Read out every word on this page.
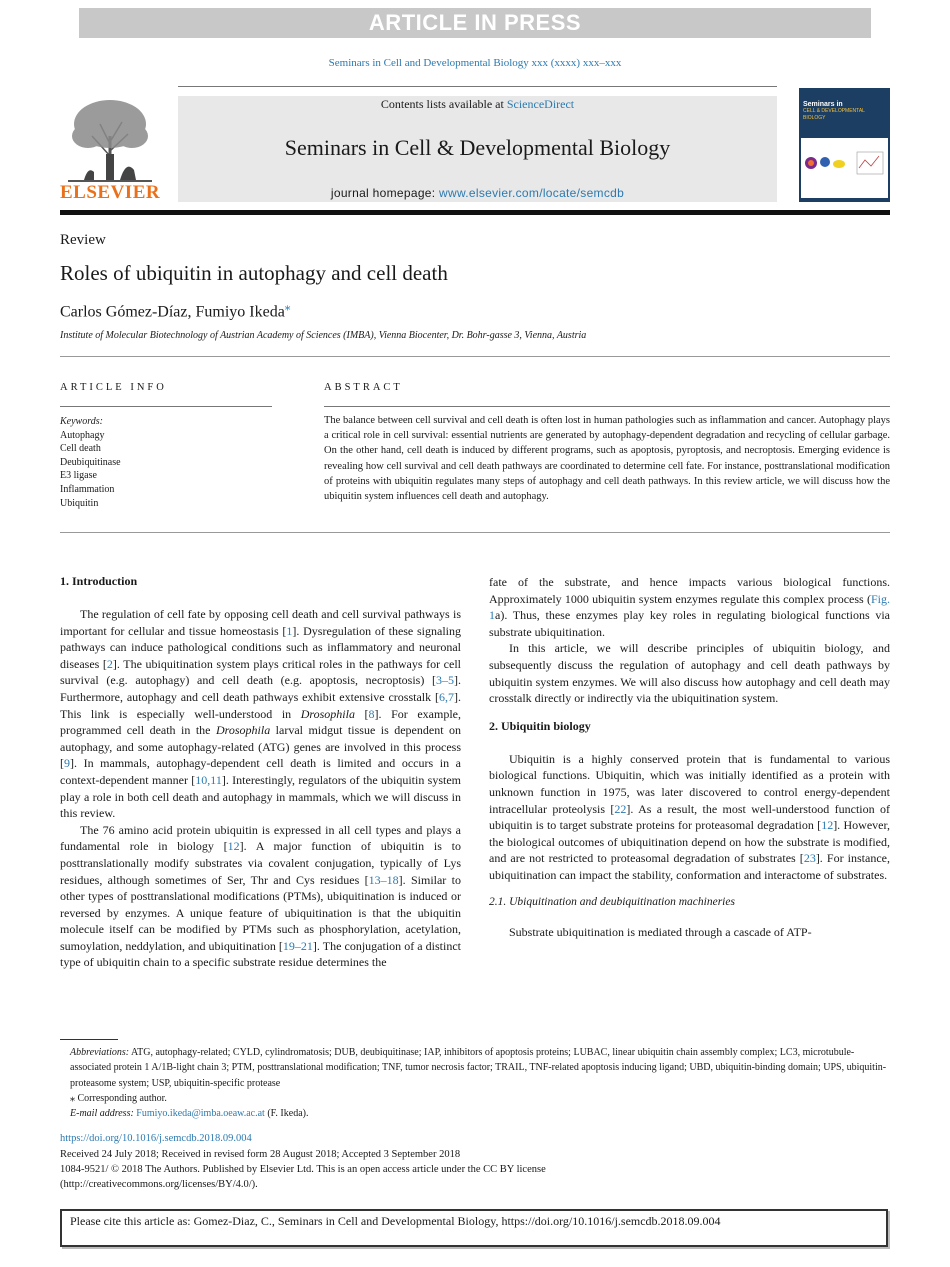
ARTICLE IN PRESS
Seminars in Cell and Developmental Biology xxx (xxxx) xxx–xxx
ELSEVIER
Contents lists available at ScienceDirect
Seminars in Cell & Developmental Biology
journal homepage: www.elsevier.com/locate/semcdb
Seminars in
CELL & DEVELOPMENTAL BIOLOGY
Review
Roles of ubiquitin in autophagy and cell death
Carlos Gómez-Díaz, Fumiyo Ikeda⁎
Institute of Molecular Biotechnology of Austrian Academy of Sciences (IMBA), Vienna Biocenter, Dr. Bohr-gasse 3, Vienna, Austria
ARTICLE INFO
Keywords:
Autophagy
Cell death
Deubiquitinase
E3 ligase
Inflammation
Ubiquitin
ABSTRACT
The balance between cell survival and cell death is often lost in human pathologies such as inflammation and cancer. Autophagy plays a critical role in cell survival: essential nutrients are generated by autophagy-dependent degradation and recycling of cellular garbage. On the other hand, cell death is induced by different programs, such as apoptosis, pyroptosis, and necroptosis. Emerging evidence is revealing how cell survival and cell death pathways are coordinated to determine cell fate. For instance, posttranslational modification of proteins with ubiquitin regulates many steps of autophagy and cell death pathways. In this review article, we will discuss how the ubiquitin system influences cell death and autophagy.
1. Introduction

The regulation of cell fate by opposing cell death and cell survival pathways is important for cellular and tissue homeostasis [1]. Dysregulation of these signaling pathways can induce pathological conditions such as inflammatory and neuronal diseases [2]. The ubiquitination system plays critical roles in the pathways for cell survival (e.g. autophagy) and cell death (e.g. apoptosis, necroptosis) [3–5]. Furthermore, autophagy and cell death pathways exhibit extensive crosstalk [6,7]. This link is especially well-understood in Drosophila [8]. For example, programmed cell death in the Drosophila larval midgut tissue is dependent on autophagy, and some autophagy-related (ATG) genes are involved in this process [9]. In mammals, autophagy-dependent cell death is limited and occurs in a context-dependent manner [10,11]. Interestingly, regulators of the ubiquitin system play a role in both cell death and autophagy in mammals, which we will discuss in this review.

The 76 amino acid protein ubiquitin is expressed in all cell types and plays a fundamental role in biology [12]. A major function of ubiquitin is to posttranslationally modify substrates via covalent conjugation, typically of Lys residues, although sometimes of Ser, Thr and Cys residues [13–18]. Similar to other types of posttranslational modifications (PTMs), ubiquitination is induced or reversed by enzymes. A unique feature of ubiquitination is that the ubiquitin molecule itself can be modified by PTMs such as phosphorylation, acetylation, sumoylation, neddylation, and ubiquitination [19–21]. The conjugation of a distinct type of ubiquitin chain to a specific substrate residue determines the

fate of the substrate, and hence impacts various biological functions. Approximately 1000 ubiquitin system enzymes regulate this complex process (Fig. 1a). Thus, these enzymes play key roles in regulating biological functions via substrate ubiquitination.

In this article, we will describe principles of ubiquitin biology, and subsequently discuss the regulation of autophagy and cell death pathways by ubiquitin system enzymes. We will also discuss how autophagy and cell death may crosstalk directly or indirectly via the ubiquitination system.

2. Ubiquitin biology

Ubiquitin is a highly conserved protein that is fundamental to various biological functions. Ubiquitin, which was initially identified as a protein with unknown function in 1975, was later discovered to control energy-dependent intracellular proteolysis [22]. As a result, the most well-understood function of ubiquitin is to target substrate proteins for proteasomal degradation [12]. However, the biological outcomes of ubiquitination depend on how the substrate is modified, and are not restricted to proteasomal degradation of substrates [23]. For instance, ubiquitination can impact the stability, conformation and interactome of substrates.

2.1. Ubiquitination and deubiquitination machineries

Substrate ubiquitination is mediated through a cascade of ATP-

Abbreviations: ATG, autophagy-related; CYLD, cylindromatosis; DUB, deubiquitinase; IAP, inhibitors of apoptosis proteins; LUBAC, linear ubiquitin chain assembly complex; LC3, microtubule-associated protein 1 A/1B-light chain 3; PTM, posttranslational modification; TNF, tumor necrosis factor; TRAIL, TNF-related apoptosis inducing ligand; UBD, ubiquitin-binding domain; UPS, ubiquitin-proteasome system; USP, ubiquitin-specific protease
⁎ Corresponding author.
E-mail address: Fumiyo.ikeda@imba.oeaw.ac.at (F. Ikeda).
https://doi.org/10.1016/j.semcdb.2018.09.004
Received 24 July 2018; Received in revised form 28 August 2018; Accepted 3 September 2018
1084-9521/ © 2018 The Authors. Published by Elsevier Ltd. This is an open access article under the CC BY license
(http://creativecommons.org/licenses/BY/4.0/).
Please cite this article as: Gomez-Diaz, C., Seminars in Cell and Developmental Biology, https://doi.org/10.1016/j.semcdb.2018.09.004
